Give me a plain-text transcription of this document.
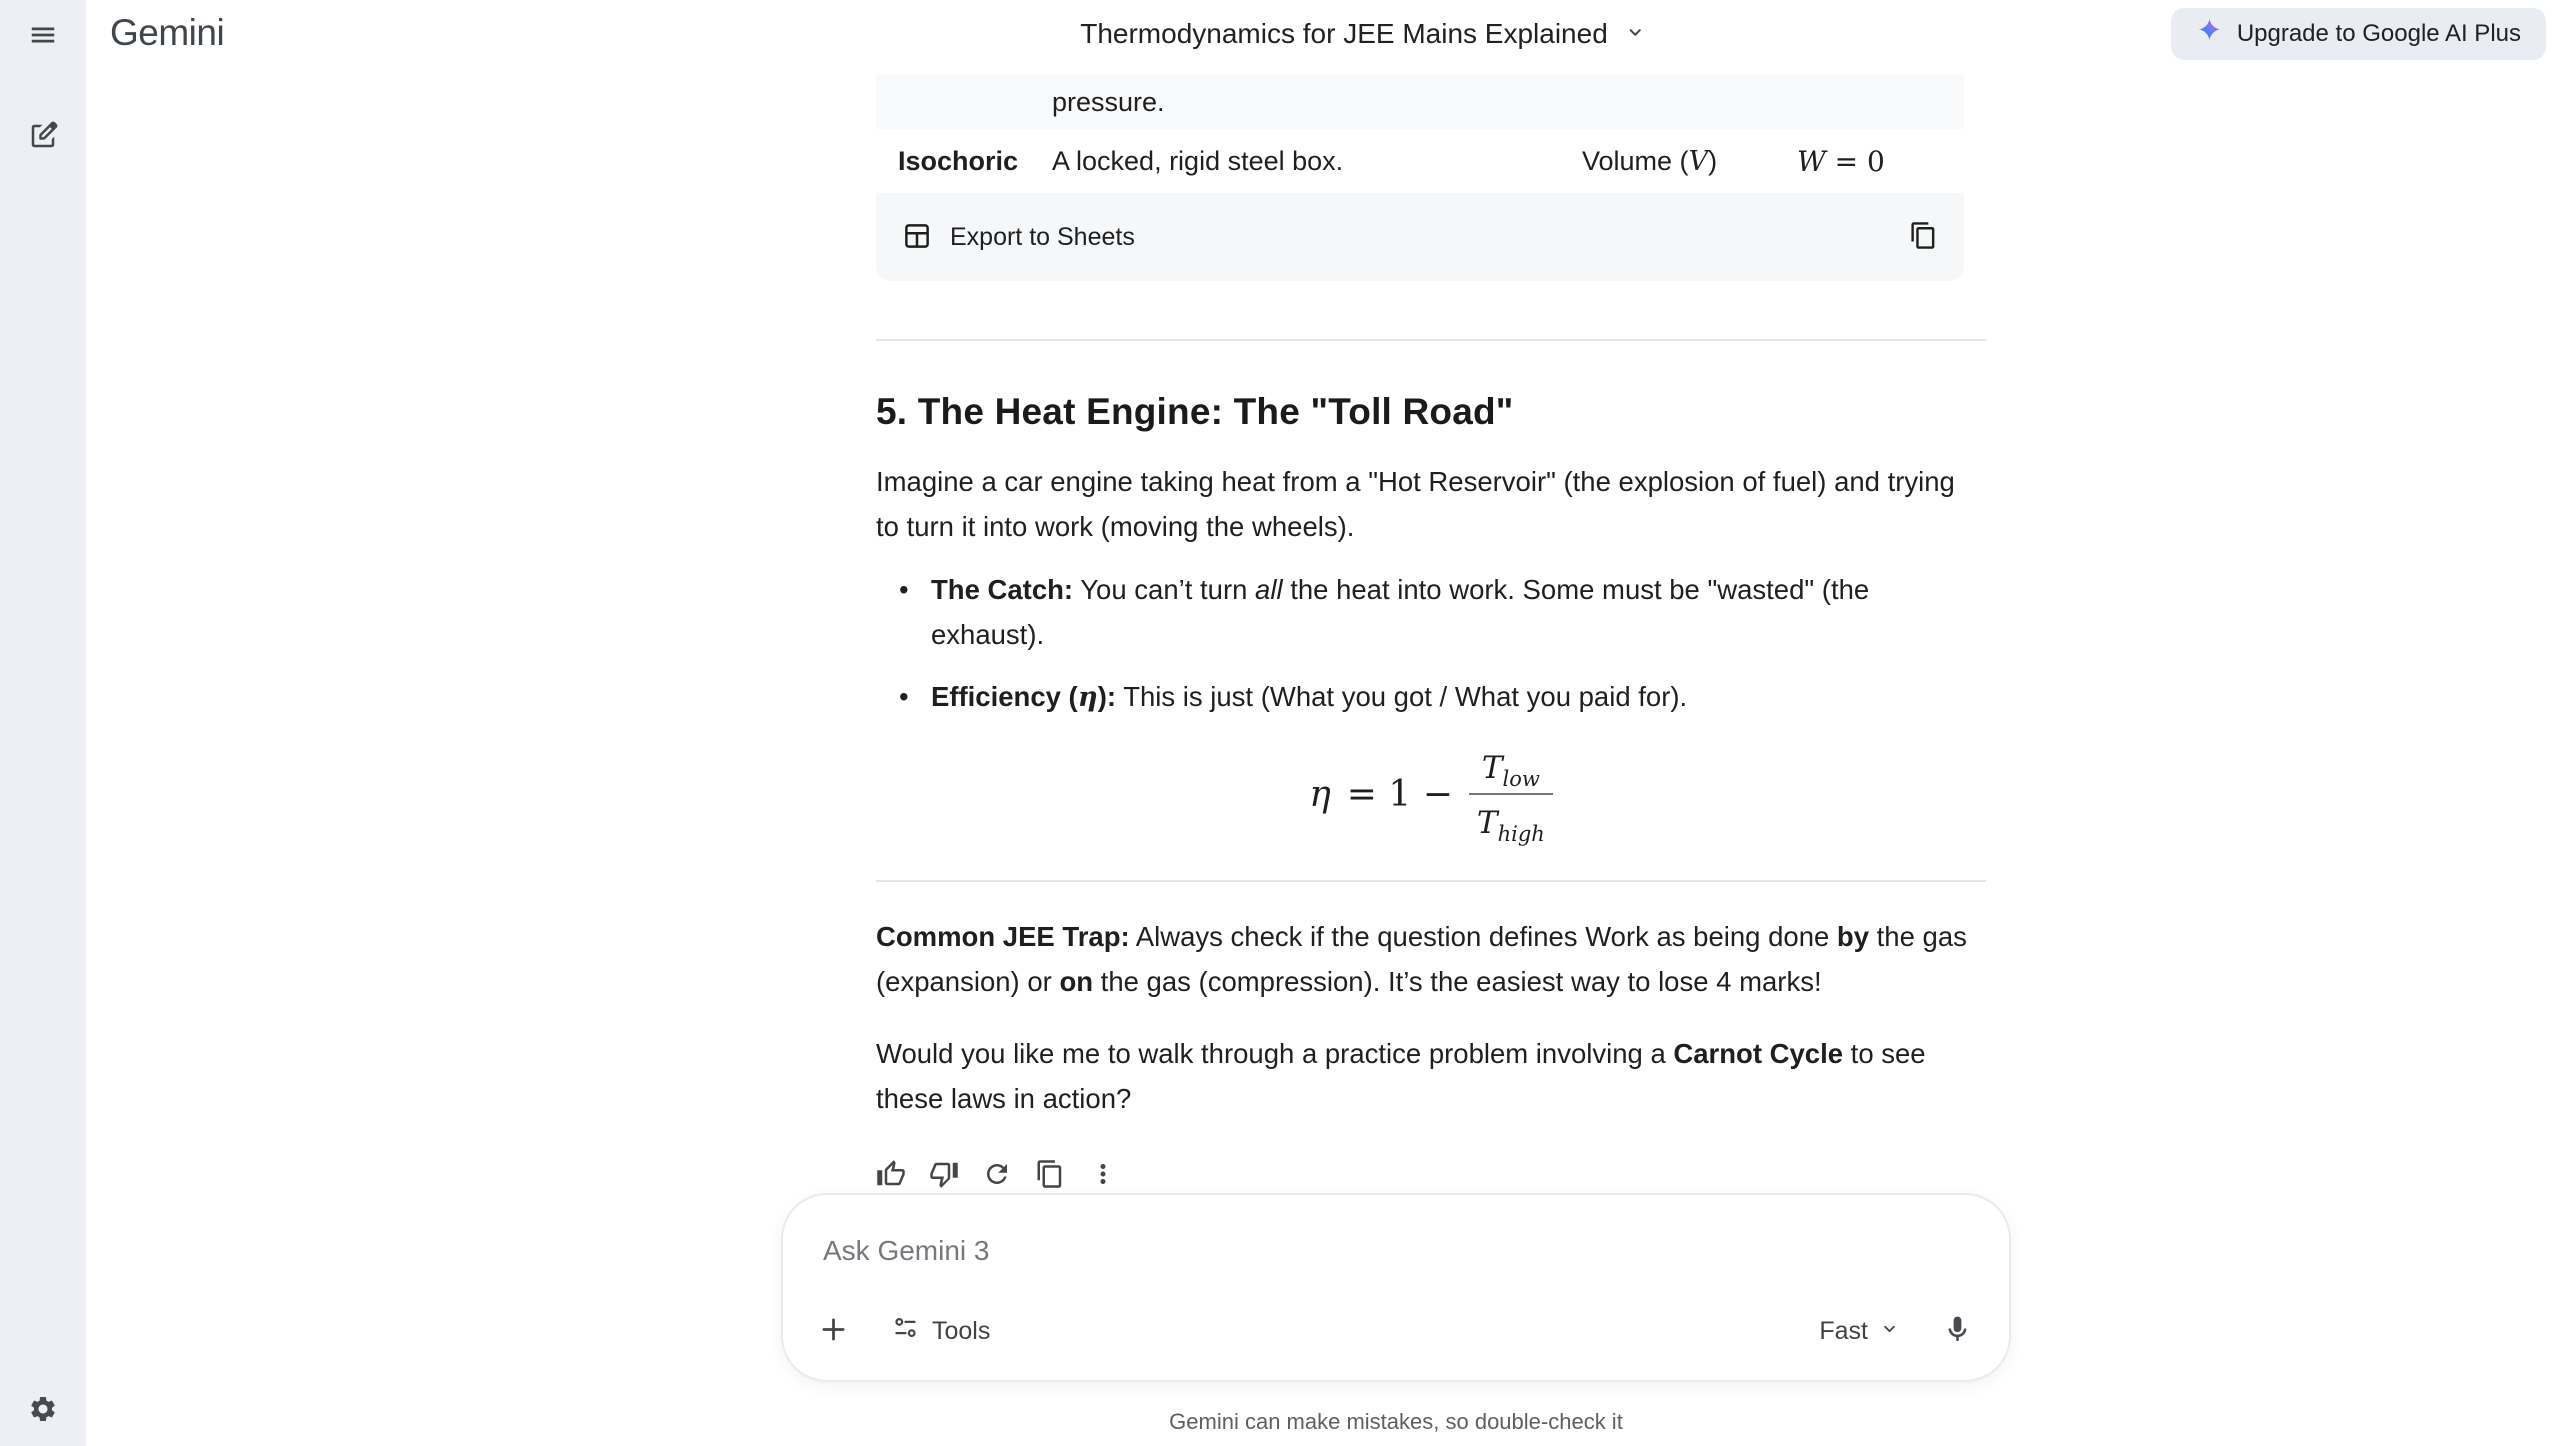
Gemini	Thermodynamics for JEE Mains Explained	Upgrade to Google AI Plus
pressure.
Isochoric	A locked, rigid steel box.	Volume (V)	W = 0
Export to Sheets
5. The Heat Engine: The "Toll Road"

Imagine a car engine taking heat from a "Hot Reservoir" (the explosion of fuel) and trying to turn it into work (moving the wheels).

• The Catch: You can’t turn all the heat into work. Some must be "wasted" (the exhaust).
• Efficiency (η): This is just (What you got / What you paid for).
$\eta = 1 - \frac{T_{low}}{T_{high}}$

Common JEE Trap: Always check if the question defines Work as being done by the gas (expansion) or on the gas (compression). It’s the easiest way to lose 4 marks!

Would you like me to walk through a practice problem involving a Carnot Cycle to see these laws in action?

Ask Gemini 3
Tools	Fast
Gemini can make mistakes, so double-check it
